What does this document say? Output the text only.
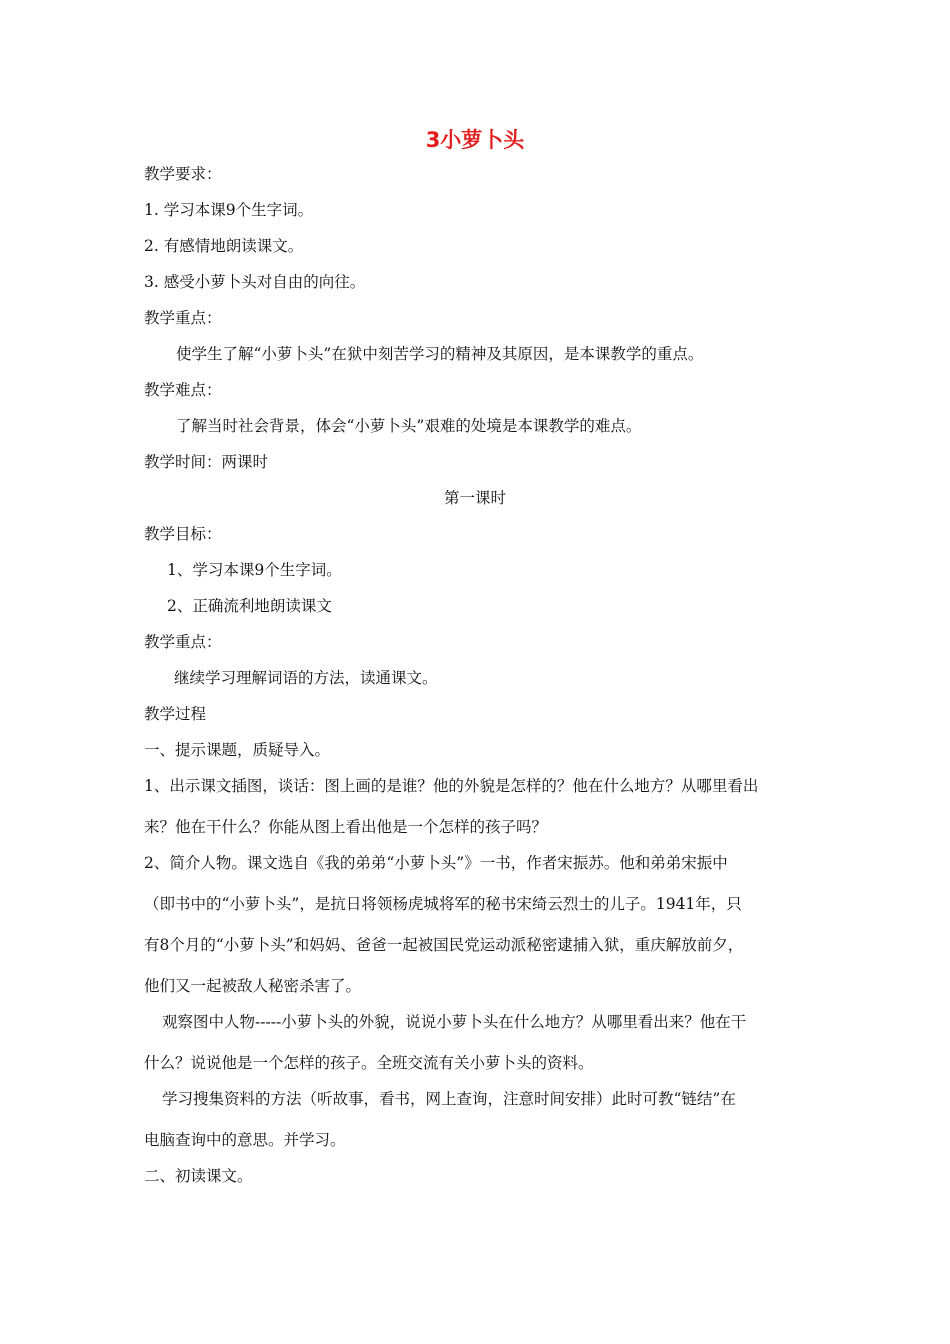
3小萝卜头
教学要求：
1. 学习本课9个生字词。
2. 有感情地朗读课文。
3. 感受小萝卜头对自由的向往。
教学重点：
使学生了解“小萝卜头”在狱中刻苦学习的精神及其原因，是本课教学的重点。
教学难点：
了解当时社会背景，体会“小萝卜头”艰难的处境是本课教学的难点。
教学时间：两课时
第一课时
教学目标：
1、学习本课9个生字词。
2、正确流利地朗读课文
教学重点：
继续学习理解词语的方法，读通课文。
教学过程
一、提示课题，质疑导入。
1、出示课文插图，谈话：图上画的是谁？他的外貌是怎样的？他在什么地方？从哪里看出
来？他在干什么？你能从图上看出他是一个怎样的孩子吗？
2、简介人物。课文选自《我的弟弟“小萝卜头”》一书，作者宋振苏。他和弟弟宋振中
（即书中的“小萝卜头”，是抗日将领杨虎城将军的秘书宋绮云烈士的儿子。1941年，只
有8个月的“小萝卜头”和妈妈、爸爸一起被国民党运动派秘密逮捕入狱，重庆解放前夕，
他们又一起被敌人秘密杀害了。
观察图中人物-----小萝卜头的外貌，说说小萝卜头在什么地方？从哪里看出来？他在干
什么？说说他是一个怎样的孩子。全班交流有关小萝卜头的资料。
学习搜集资料的方法（听故事，看书，网上查询，注意时间安排）此时可教“链结”在
电脑查询中的意思。并学习。
二、初读课文。
